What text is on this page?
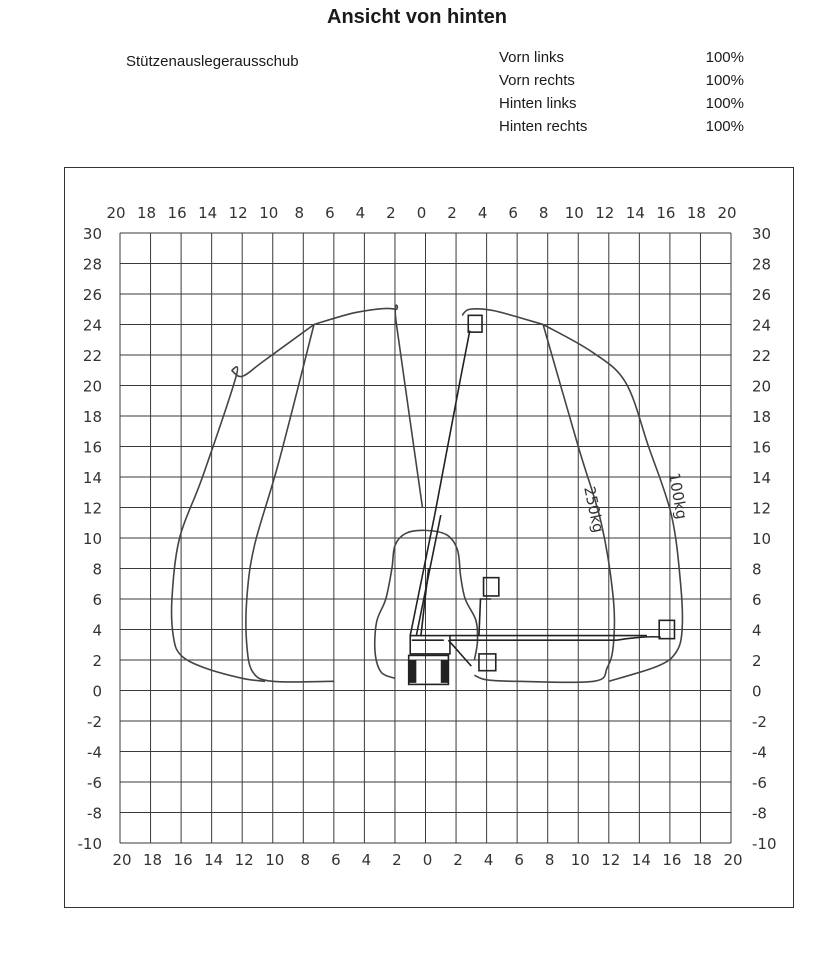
Ansicht von hinten
Stützenauslegerausschub	Vorn links	100%
Vorn rechts	100%
Hinten links	100%
Hinten rechts	100%
20
20
18
18
16
16
14
14
12
12
10
10
8
8
6
6
4
4
2
2
0
0
2
2
4
4
6
6
8
8
10
10
12
12
14
14
16
16
18
18
20
20
30	30
28	28
26	26
24	24
22	22
20	20
18	18
16	16
14	14
12	12
10	10
8	8
6	6
4	4
2	2
0	0
-2	-2
-4	-4
-6	-6
-8	-8
-10	-10
250kg	100kg
